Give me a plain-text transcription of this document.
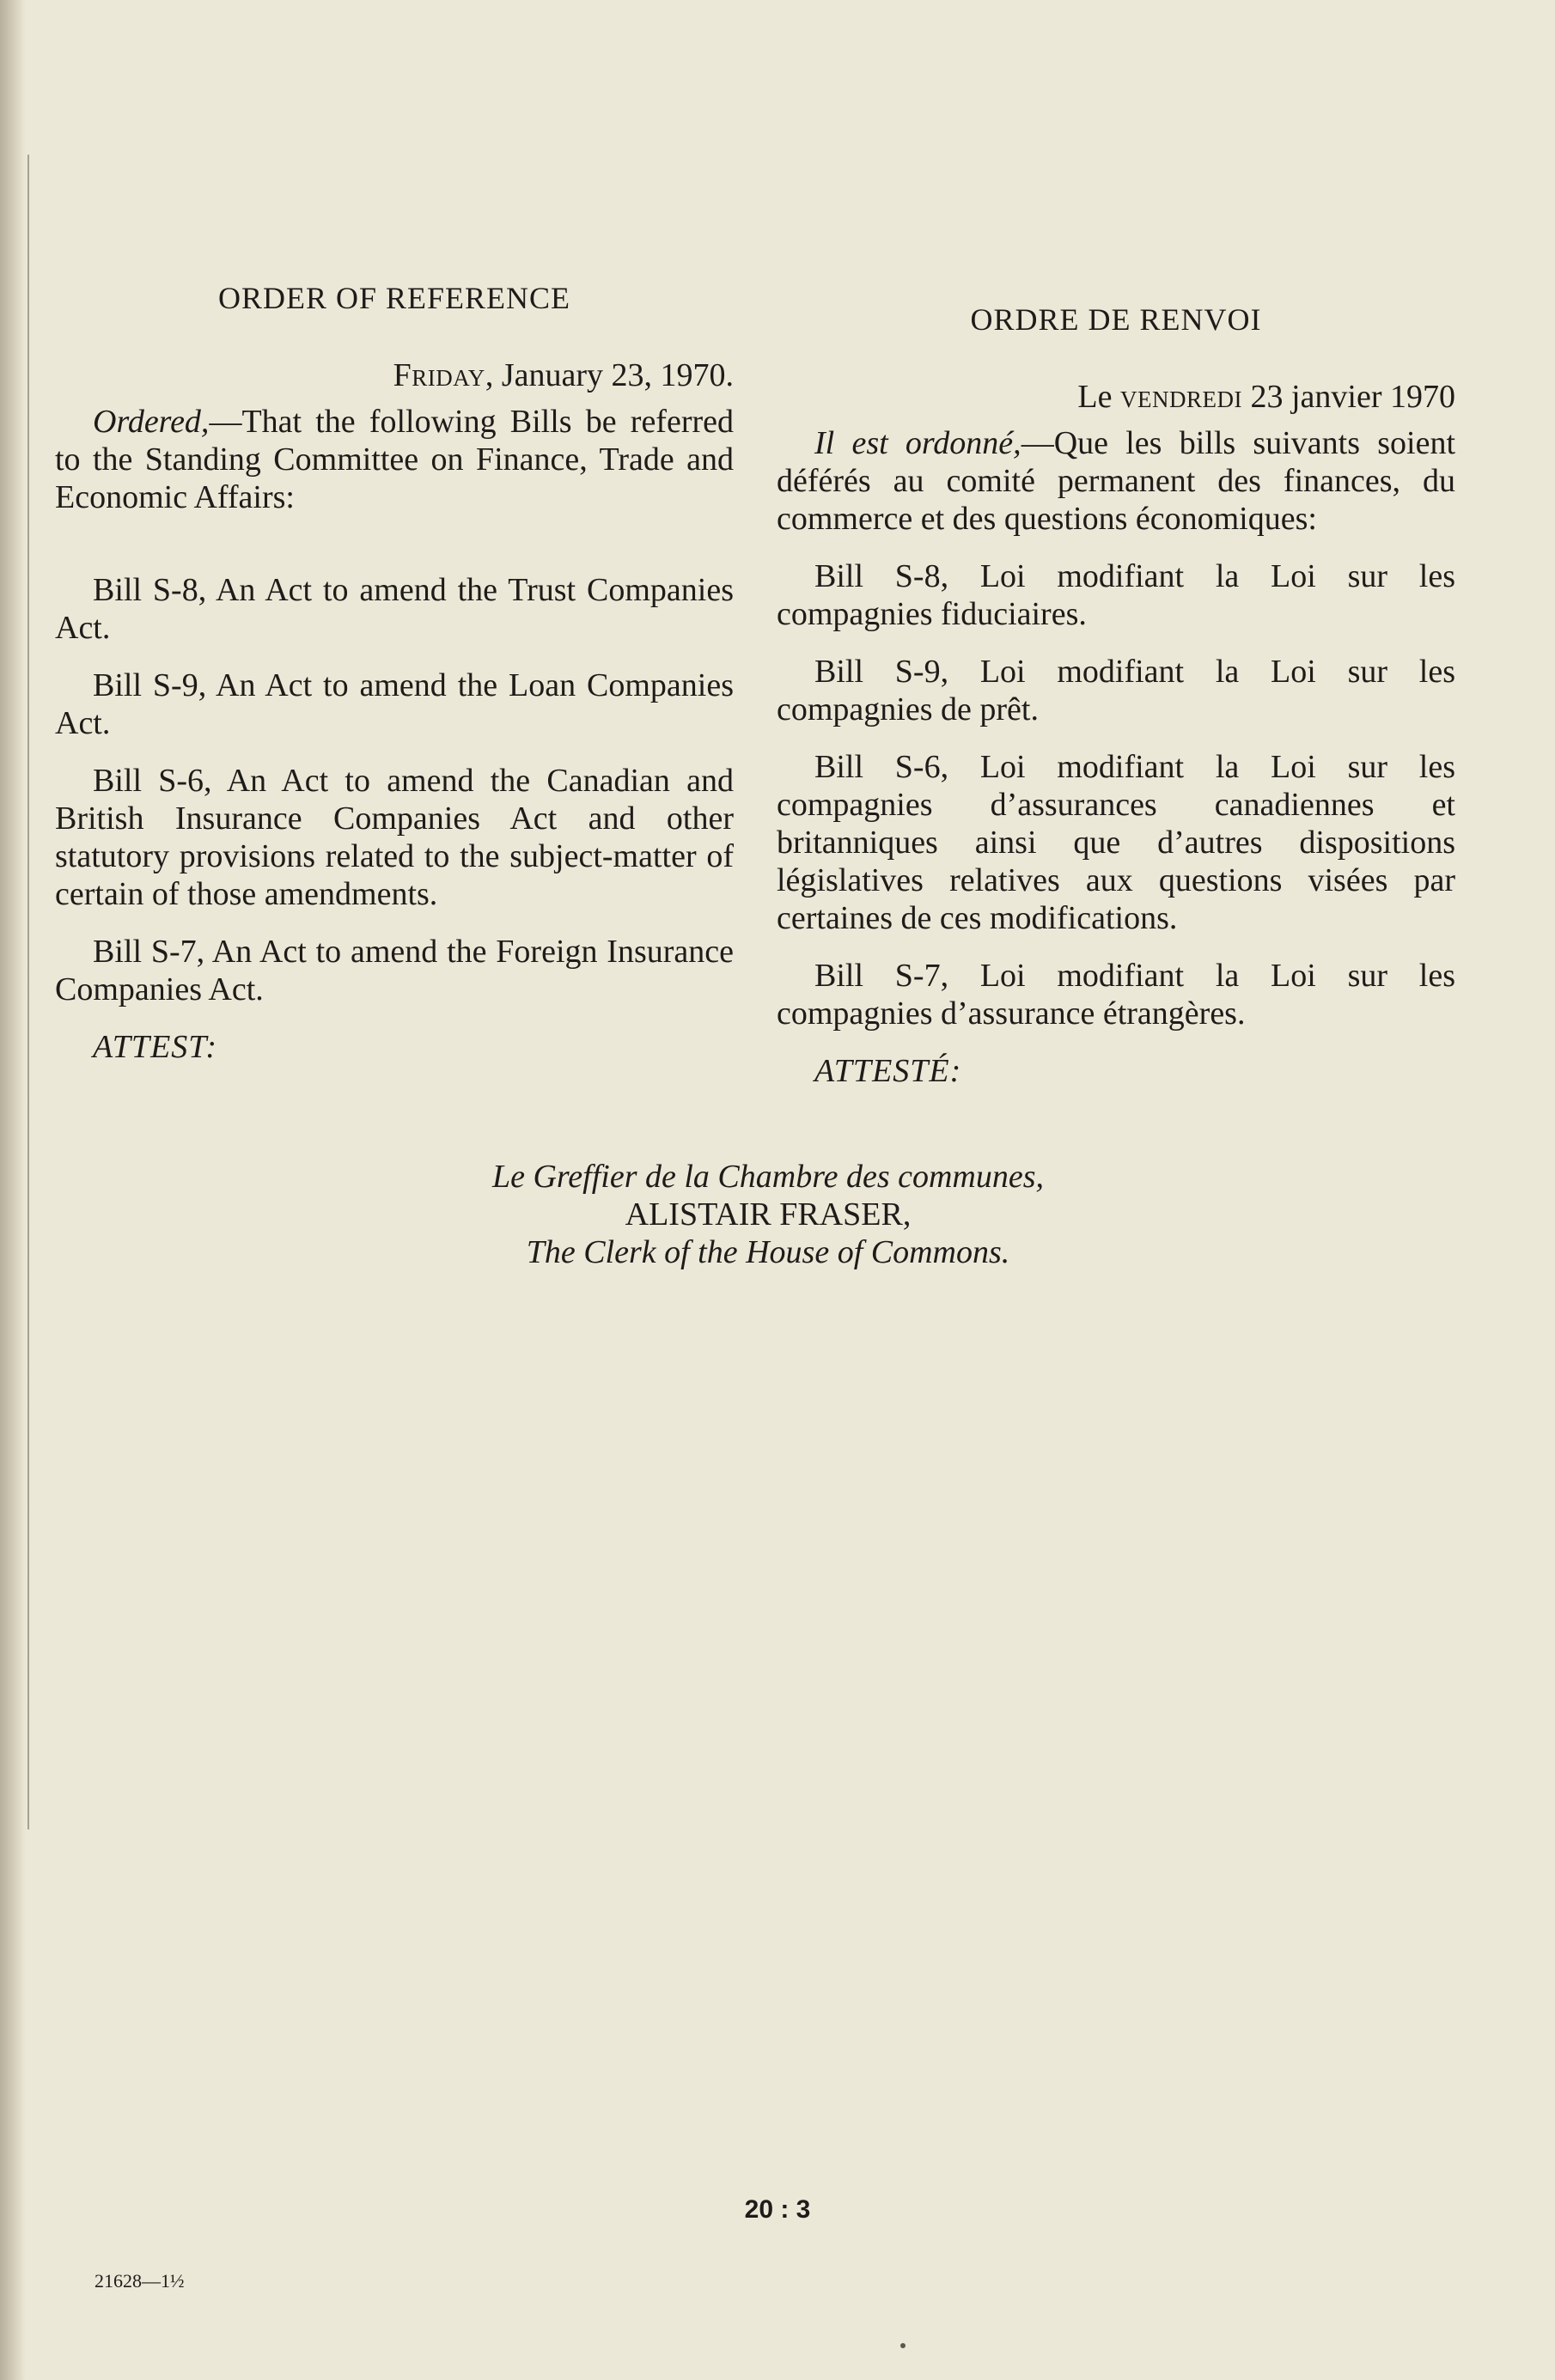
ORDER OF REFERENCE

Friday, January 23, 1970.

Ordered,—That the following Bills be referred to the Standing Committee on Finance, Trade and Economic Affairs:

Bill S-8, An Act to amend the Trust Companies Act.

Bill S-9, An Act to amend the Loan Companies Act.

Bill S-6, An Act to amend the Canadian and British Insurance Companies Act and other statutory provisions related to the subject-matter of certain of those amendments.

Bill S-7, An Act to amend the Foreign Insurance Companies Act.

ATTEST:

ORDRE DE RENVOI

Le vendredi 23 janvier 1970

Il est ordonné,—Que les bills suivants soient déférés au comité permanent des finances, du commerce et des questions économiques:

Bill S-8, Loi modifiant la Loi sur les compagnies fiduciaires.

Bill S-9, Loi modifiant la Loi sur les compagnies de prêt.

Bill S-6, Loi modifiant la Loi sur les compagnies d’assurances canadiennes et britanniques ainsi que d’autres dispositions législatives relatives aux questions visées par certaines de ces modifications.

Bill S-7, Loi modifiant la Loi sur les compagnies d’assurance étrangères.

ATTESTÉ:

Le Greffier de la Chambre des communes,
ALISTAIR FRASER,
The Clerk of the House of Commons.
20 : 3
21628—1½
